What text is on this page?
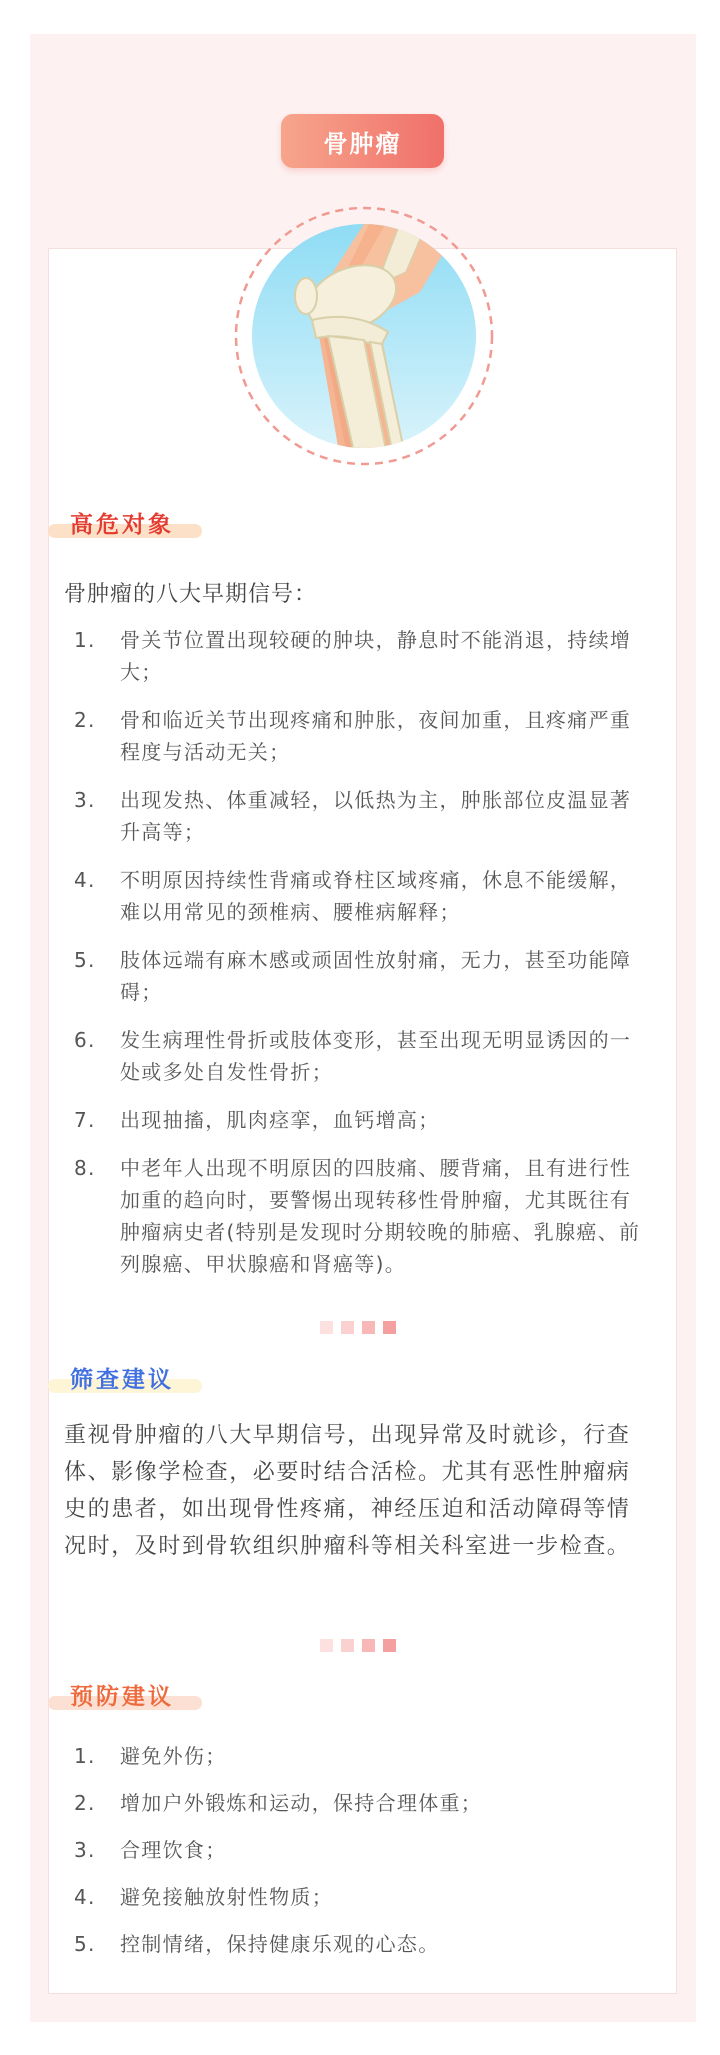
骨肿瘤
高危对象
骨肿瘤的八大早期信号：
1.	骨关节位置出现较硬的肿块，静息时不能消退，持续增大；
2.	骨和临近关节出现疼痛和肿胀，夜间加重，且疼痛严重程度与活动无关；
3.	出现发热、体重减轻，以低热为主，肿胀部位皮温显著升高等；
4.	不明原因持续性背痛或脊柱区域疼痛，休息不能缓解，难以用常见的颈椎病、腰椎病解释；
5.	肢体远端有麻木感或顽固性放射痛，无力，甚至功能障碍；
6.	发生病理性骨折或肢体变形，甚至出现无明显诱因的一处或多处自发性骨折；
7.	出现抽搐，肌肉痉挛，血钙增高；
8.	中老年人出现不明原因的四肢痛、腰背痛，且有进行性加重的趋向时，要警惕出现转移性骨肿瘤，尤其既往有肿瘤病史者(特别是发现时分期较晚的肺癌、乳腺癌、前列腺癌、甲状腺癌和肾癌等)。
筛查建议
重视骨肿瘤的八大早期信号，出现异常及时就诊，行查体、影像学检查，必要时结合活检。尤其有恶性肿瘤病史的患者，如出现骨性疼痛，神经压迫和活动障碍等情况时，及时到骨软组织肿瘤科等相关科室进一步检查。
预防建议
1.	避免外伤；
2.	增加户外锻炼和运动，保持合理体重；
3.	合理饮食；
4.	避免接触放射性物质；
5.	控制情绪，保持健康乐观的心态。
